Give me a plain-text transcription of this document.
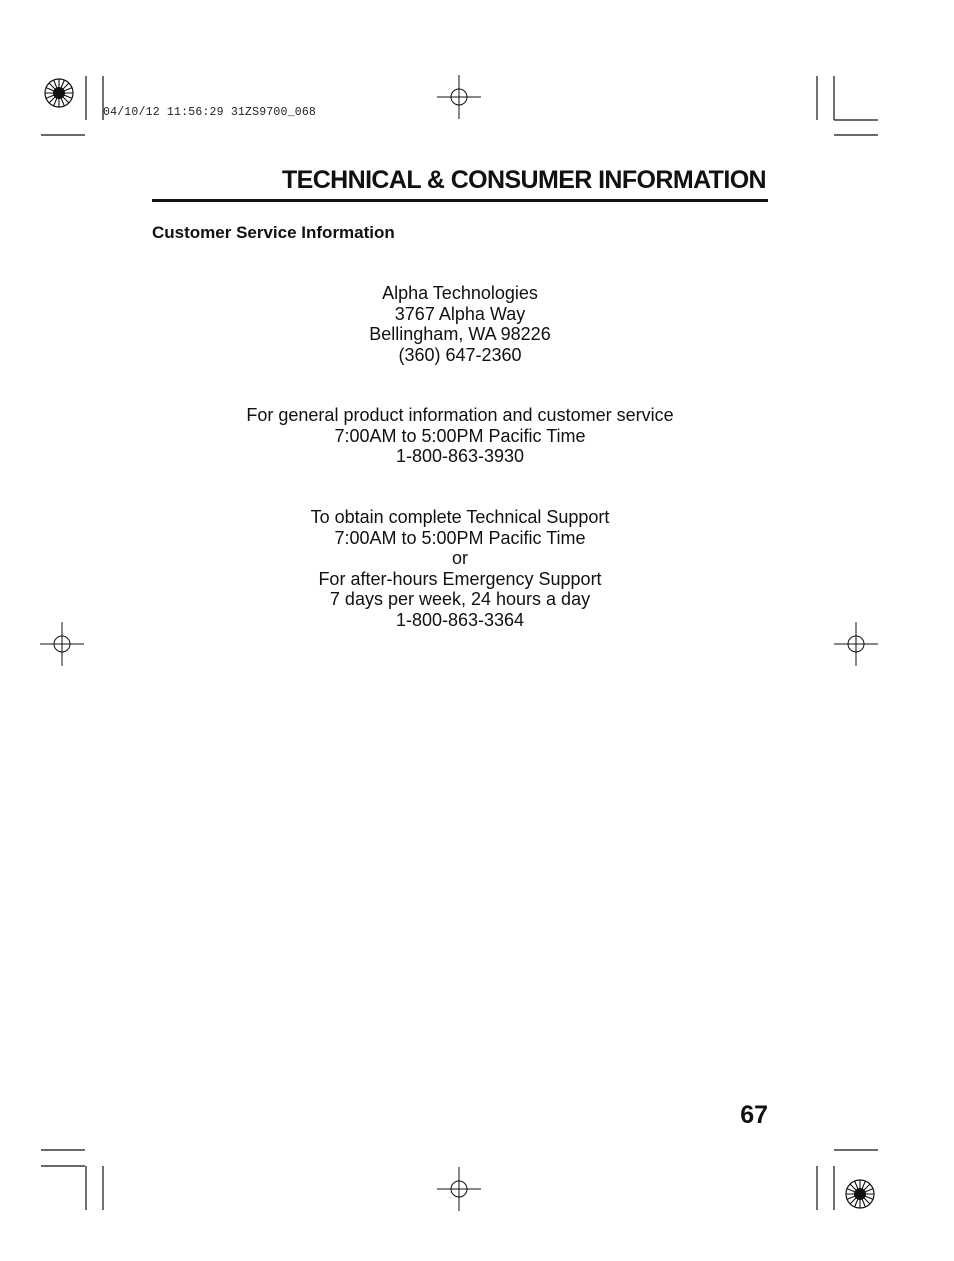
04/10/12 11:56:29 31ZS9700_068

TECHNICAL & CONSUMER INFORMATION
Customer Service Information

Alpha Technologies

3767 Alpha Way

Bellingham, WA 98226

(360) 647-2360

For general product information and customer service

7:00AM to 5:00PM Pacific Time

1-800-863-3930

To obtain complete Technical Support

7:00AM to 5:00PM Pacific Time

or

For after-hours Emergency Support

7 days per week, 24 hours a day

1-800-863-3364

67
